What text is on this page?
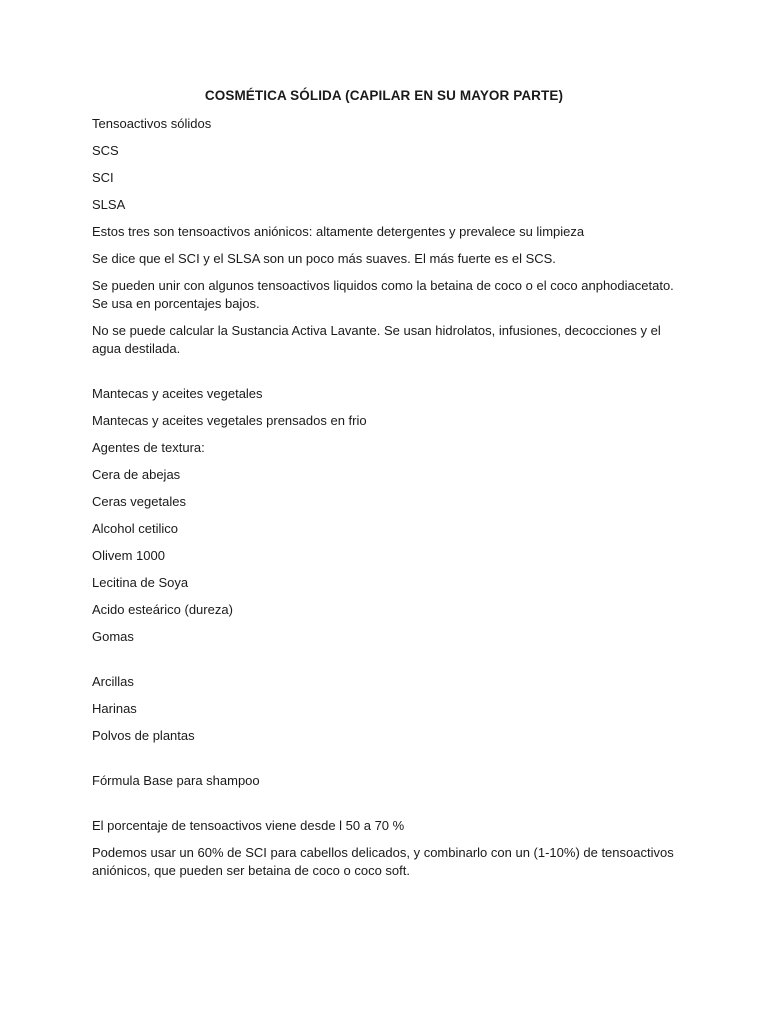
COSMÉTICA SÓLIDA (CAPILAR EN SU MAYOR PARTE)

Tensoactivos sólidos

SCS

SCI

SLSA

Estos tres son tensoactivos aniónicos: altamente detergentes y prevalece su limpieza

Se dice que el SCI y el SLSA son un poco más suaves. El más fuerte es el SCS.

Se pueden unir con algunos tensoactivos liquidos como la betaina de coco o el coco anphodiacetato. Se usa en porcentajes bajos.

No se puede calcular la Sustancia Activa Lavante. Se usan hidrolatos, infusiones, decocciones y el agua destilada.

Mantecas y aceites vegetales

Mantecas y aceites vegetales prensados en frio

Agentes de textura:

Cera de abejas

Ceras vegetales

Alcohol cetilico

Olivem 1000

Lecitina de Soya

Acido esteárico (dureza)

Gomas

Arcillas

Harinas

Polvos de plantas

Fórmula Base para shampoo

El porcentaje de tensoactivos viene desde l 50 a 70 %

Podemos usar un 60% de SCI para cabellos delicados, y combinarlo con un (1-10%) de tensoactivos aniónicos, que pueden ser betaina de coco o coco soft.
